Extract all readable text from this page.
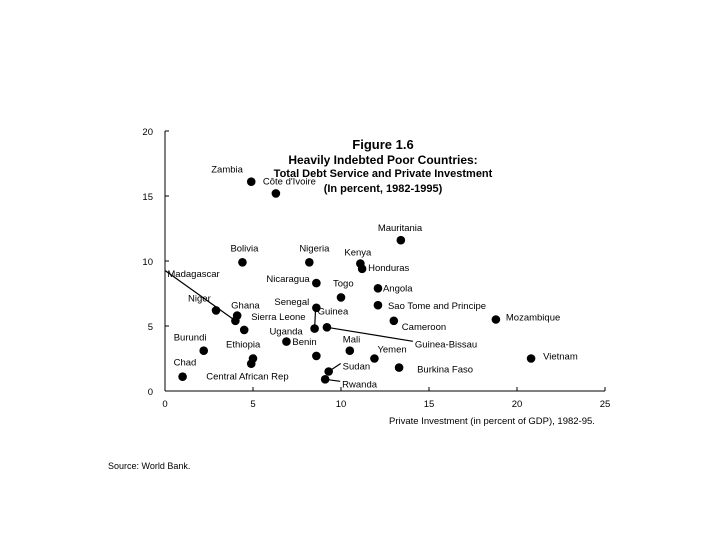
Figure 1.6
Heavily Indebted Poor Countries:
Total Debt Service and Private Investment
(In percent, 1982-1995)
0	5	10	15	20	25
0
5
10
15
20
Zambia
Côte d'Ivoire
Mauritania
Bolivia	Nigeria Kenya
Honduras
Madagascar	Nicaragua Togo	Angola
Niger
Ghana Senegal
Guinea	Sao Tome and Principe
Sierra Leone
Uganda
Guinea-Bissau
Cameroon
Mozambique
Burundi
Ethiopia	Benin	Mali
Yemen
Vietnam
Central African Rep
Burkina Faso
Chad	Sudan
Rwanda
Private Investment (in percent of GDP), 1982-95.
Source: World Bank.
